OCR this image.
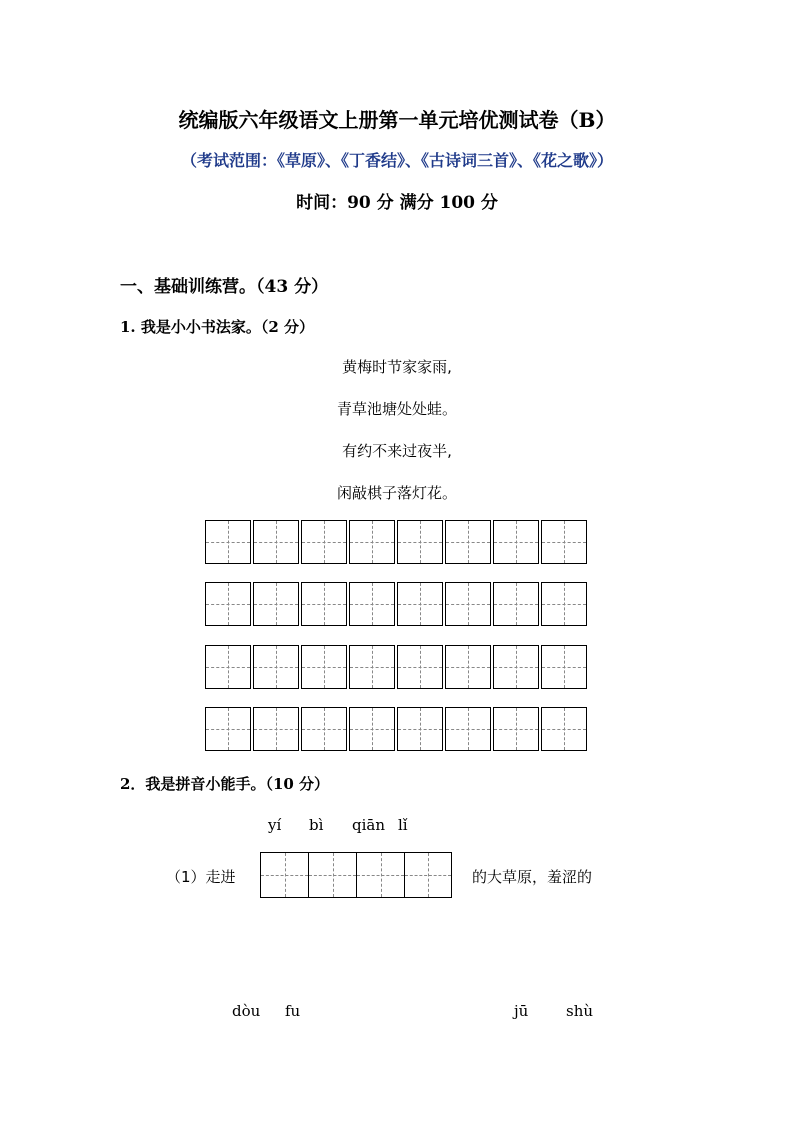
统编版六年级语文上册第一单元培优测试卷（B）
（考试范围：《草原》、《丁香结》、《古诗词三首》、《花之歌》）
时间：90 分 满分 100 分
一、基础训练营。（43 分）
1. 我是小小书法家。（2 分）
黄梅时节家家雨,
青草池塘处处蛙。
有约不来过夜半,
闲敲棋子落灯花。
2．我是拼音小能手。（10 分）
yí bì qiān lǐ
（1）走进	的大草原，羞涩的
dòu fu	jū	shù
